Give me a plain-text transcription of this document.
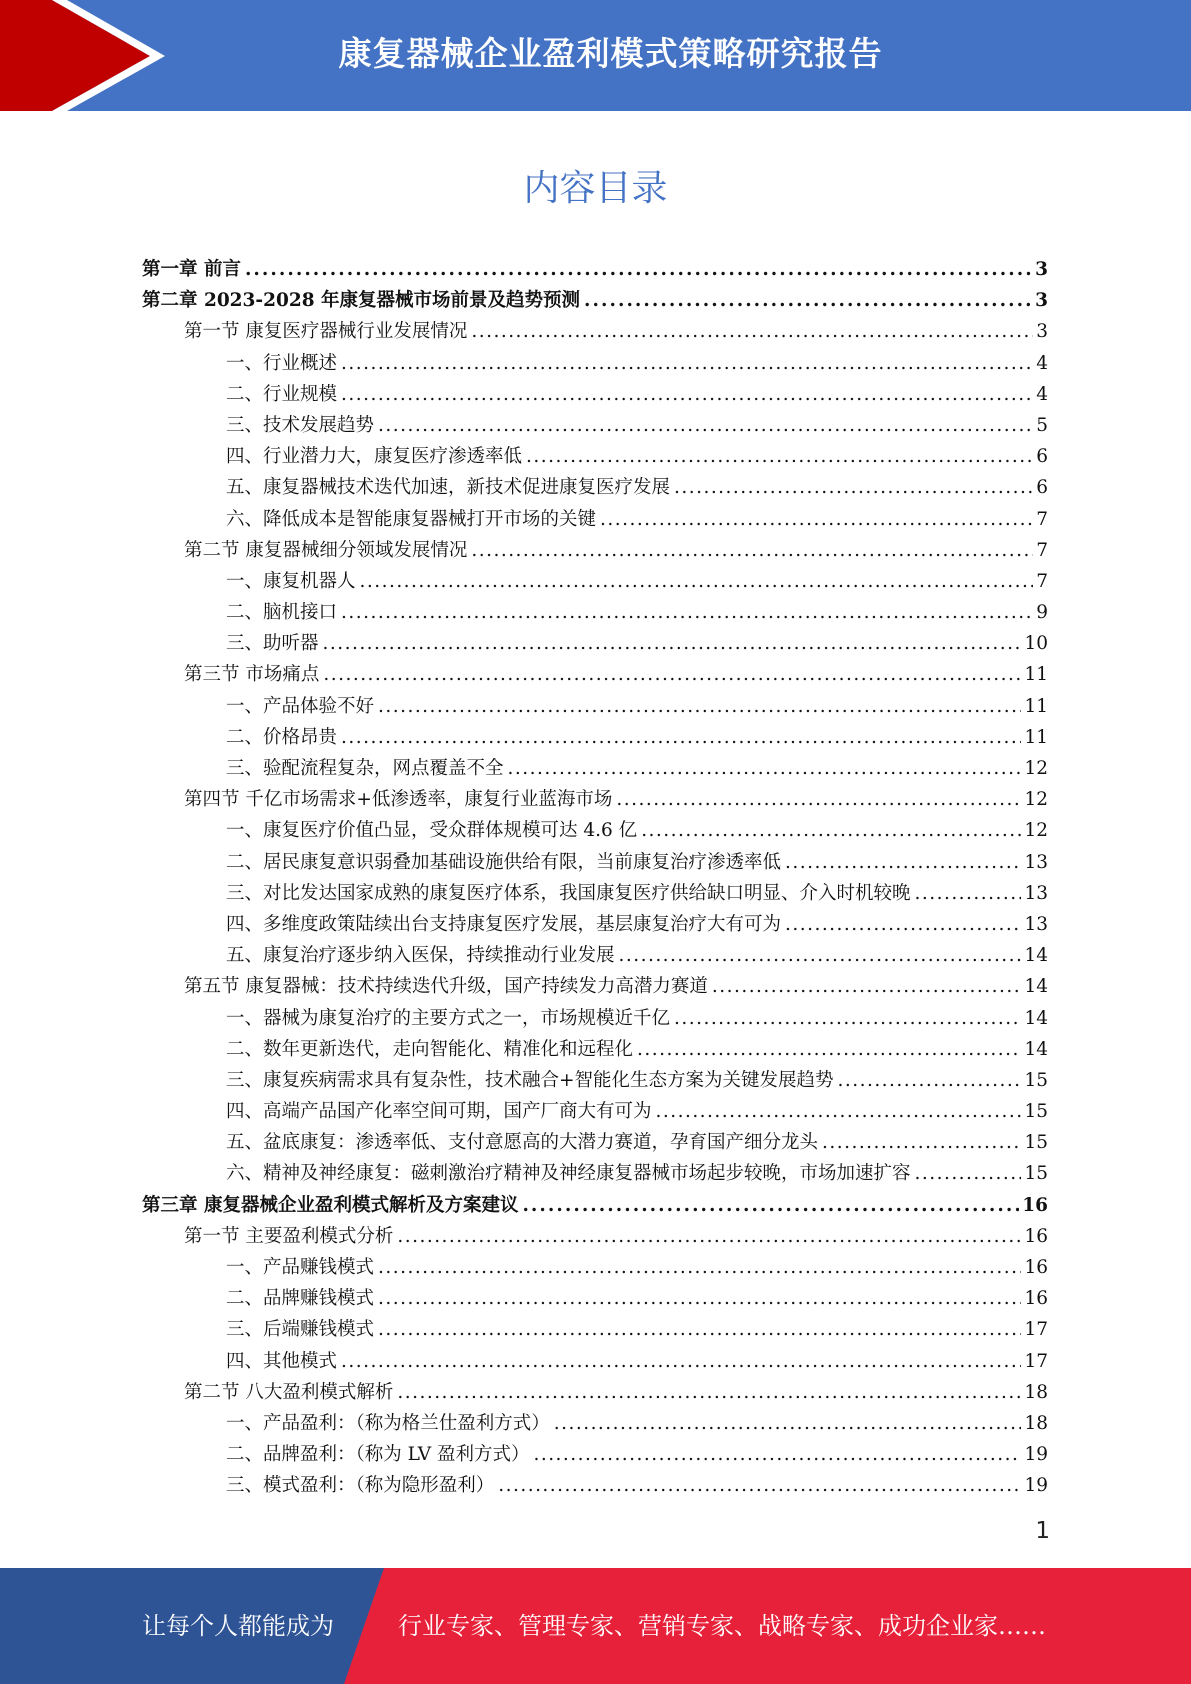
康复器械企业盈利模式策略研究报告
内容目录
第一章 前言 . . .	3
第二章 2023-2028 年康复器械市场前景及趋势预测 . . .	3
第一节 康复医疗器械行业发展情况 . . .	3
一、行业概述 . . .	4
二、行业规模 . . .	4
三、技术发展趋势 . . .	5
四、行业潜力大，康复医疗渗透率低 . . .	6
五、康复器械技术迭代加速，新技术促进康复医疗发展 . . .	6
六、降低成本是智能康复器械打开市场的关键 . . .	7
第二节 康复器械细分领域发展情况 . . .	7
一、康复机器人 . . .	7
二、脑机接口 . . .	9
三、助听器 . . .	10
第三节 市场痛点 . . .	11
一、产品体验不好 . . .	11
二、价格昂贵 . . .	11
三、验配流程复杂，网点覆盖不全 . . .	12
第四节 千亿市场需求+低渗透率，康复行业蓝海市场 . . .	12
一、康复医疗价值凸显，受众群体规模可达 4.6 亿 . . .	12
二、居民康复意识弱叠加基础设施供给有限，当前康复治疗渗透率低 . . .	13
三、对比发达国家成熟的康复医疗体系，我国康复医疗供给缺口明显、介入时机较晚 . . .	13
四、多维度政策陆续出台支持康复医疗发展，基层康复治疗大有可为 . . .	13
五、康复治疗逐步纳入医保，持续推动行业发展 . . .	14
第五节 康复器械：技术持续迭代升级，国产持续发力高潜力赛道 . . .	14
一、器械为康复治疗的主要方式之一，市场规模近千亿 . . .	14
二、数年更新迭代，走向智能化、精准化和远程化 . . .	14
三、康复疾病需求具有复杂性，技术融合+智能化生态方案为关键发展趋势 . . .	15
四、高端产品国产化率空间可期，国产厂商大有可为 . . .	15
五、盆底康复：渗透率低、支付意愿高的大潜力赛道，孕育国产细分龙头 . . .	15
六、精神及神经康复：磁刺激治疗精神及神经康复器械市场起步较晚，市场加速扩容 . . .	15
第三章 康复器械企业盈利模式解析及方案建议 . . .	16
第一节 主要盈利模式分析 . . .	16
一、产品赚钱模式 . . .	16
二、品牌赚钱模式 . . .	16
三、后端赚钱模式 . . .	17
四、其他模式 . . .	17
第二节 八大盈利模式解析 . . .	18
一、产品盈利：（称为格兰仕盈利方式） . . .	18
二、品牌盈利：（称为 LV 盈利方式） . . .	19
三、模式盈利：（称为隐形盈利） . . .	19
1
让每个人都能成为	行业专家、管理专家、营销专家、战略专家、成功企业家……
